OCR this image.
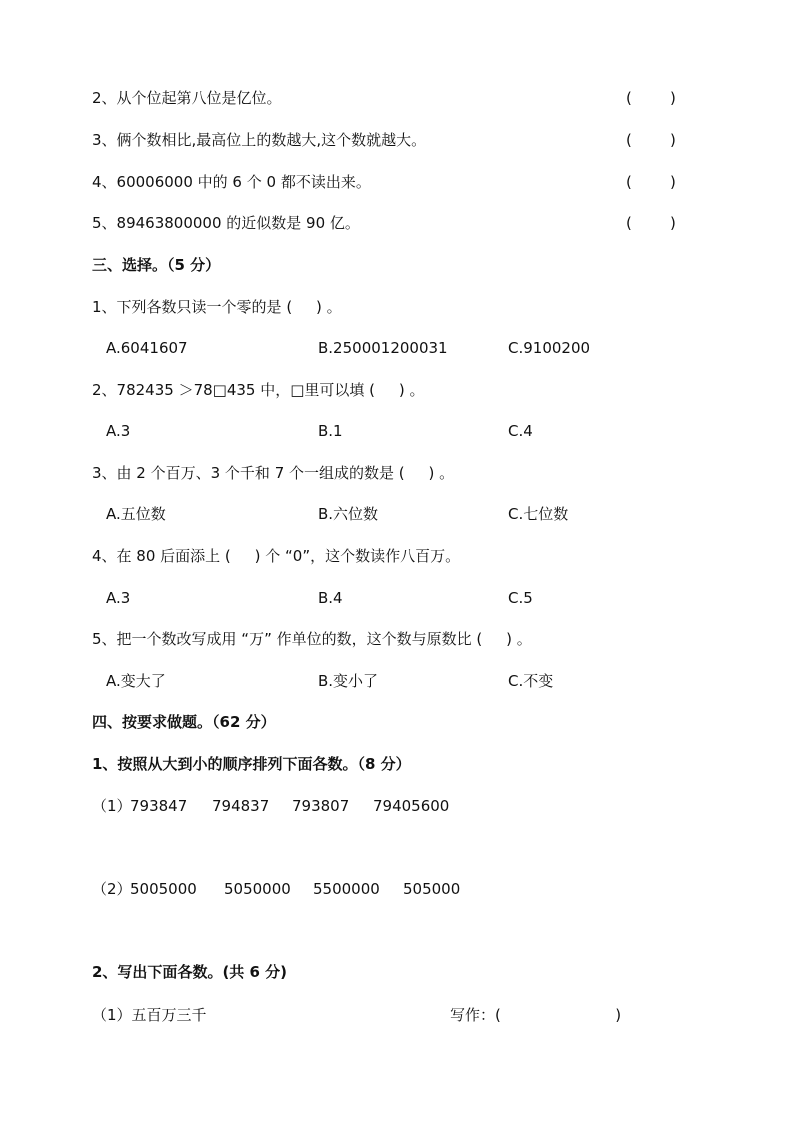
2、从个位起第八位是亿位。	(        )
3、俩个数相比,最高位上的数越大,这个数就越大。	(        )
4、60006000 中的 6 个 0 都不读出来。	(        )
5、89463800000 的近似数是 90 亿。	(        )
三、选择。（5 分）
1、下列各数只读一个零的是 (     ) 。
A.6041607	B.250001200031	C.9100200
2、782435 ＞78□435 中，□里可以填 (     ) 。
A.3	B.1	C.4
3、由 2 个百万、3 个千和 7 个一组成的数是 (     ) 。
A.五位数	B.六位数	C.七位数
4、在 80 后面添上 (     ) 个 “0”，这个数读作八百万。
A.3	B.4	C.5
5、把一个数改写成用 “万” 作单位的数，这个数与原数比 (     ) 。
A.变大了	B.变小了	C.不变
四、按要求做题。（62 分）
1、按照从大到小的顺序排列下面各数。（8 分）
（1）
793847 794837 793807 79405600
（2）
5005000 5050000 5500000 505000
2、写出下面各数。(共 6 分)
（1）五百万三千	写作：(                        )
